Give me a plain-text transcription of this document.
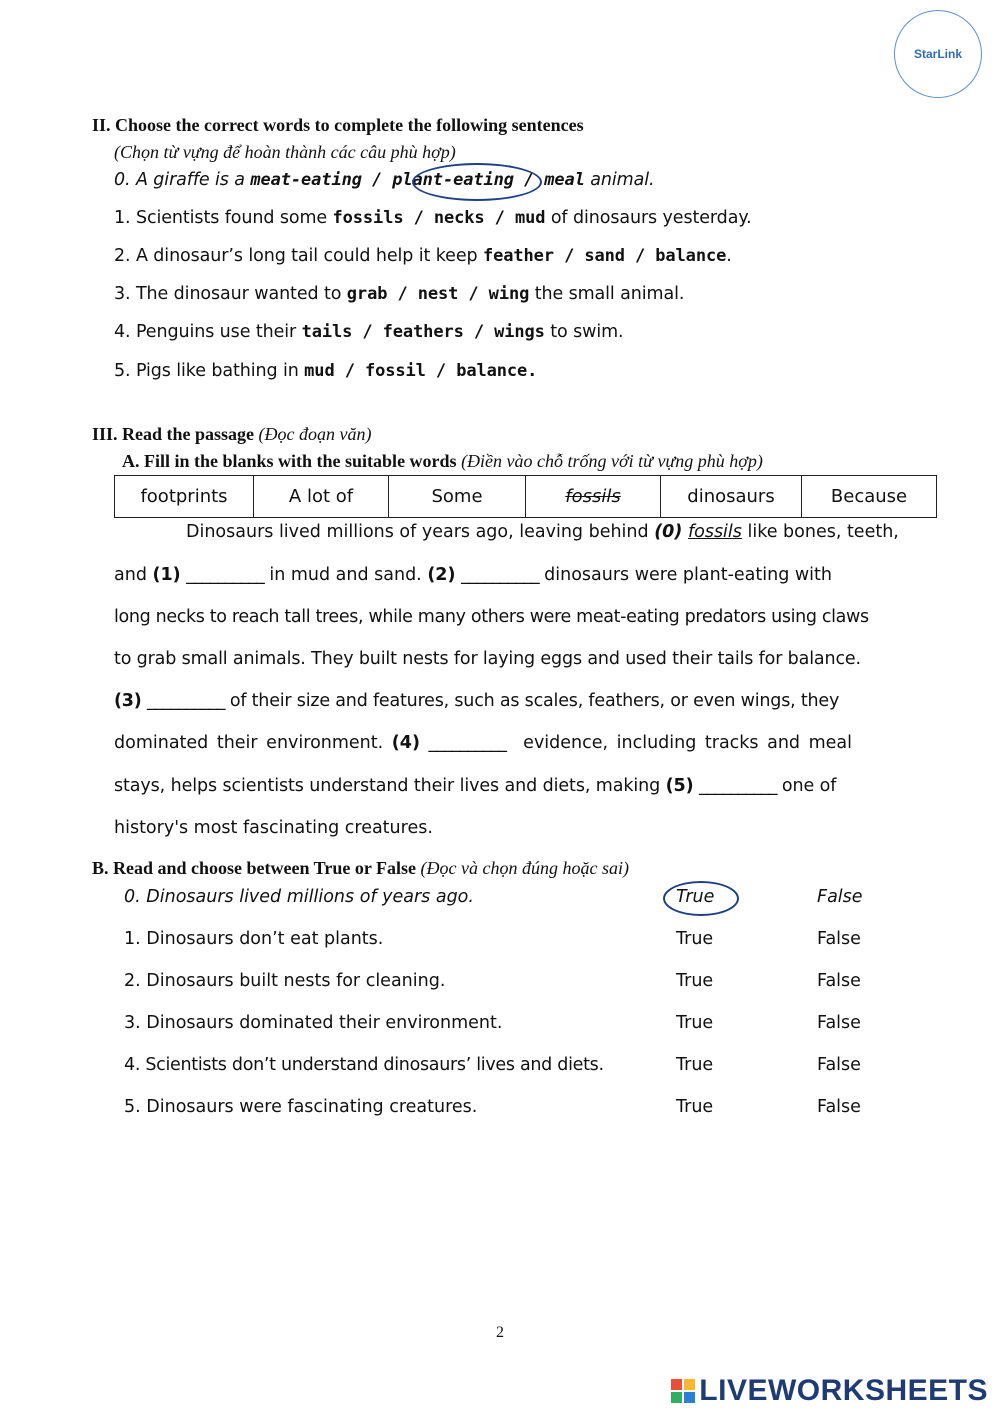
StarLink
II. Choose the correct words to complete the following sentences
(Chọn từ vựng để hoàn thành các câu phù hợp)
0. A giraffe is a meat-eating / plant-eating / meal animal.
1. Scientists found some fossils / necks / mud of dinosaurs yesterday.
2. A dinosaur’s long tail could help it keep feather / sand / balance.
3. The dinosaur wanted to grab / nest / wing the small animal.
4. Penguins use their tails / feathers / wings to swim.
5. Pigs like bathing in mud / fossil / balance.
III. Read the passage (Đọc đoạn văn)
A. Fill in the blanks with the suitable words (Điền vào chỗ trống với từ vựng phù hợp)
footprints	A lot of	Some	fossils	dinosaurs	Because
Dinosaurs lived millions of years ago, leaving behind (0) fossils like bones, teeth,
and (1) __________ in mud and sand. (2) __________ dinosaurs were plant-eating with
long necks to reach tall trees, while many others were meat-eating predators using claws
to grab small animals. They built nests for laying eggs and used their tails for balance.
(3) __________ of their size and features, such as scales, feathers, or even wings, they
dominated their environment. (4) __________ evidence, including tracks and meal
stays, helps scientists understand their lives and diets, making (5) __________ one of
history's most fascinating creatures.
B. Read and choose between True or False (Đọc và chọn đúng hoặc sai)
0. Dinosaurs lived millions of years ago.	True	False
1. Dinosaurs don’t eat plants.	True	False
2. Dinosaurs built nests for cleaning.	True	False
3. Dinosaurs dominated their environment.	True	False
4. Scientists don’t understand dinosaurs’ lives and diets.	True	False
5. Dinosaurs were fascinating creatures.	True	False
2
LIVEWORKSHEETS
